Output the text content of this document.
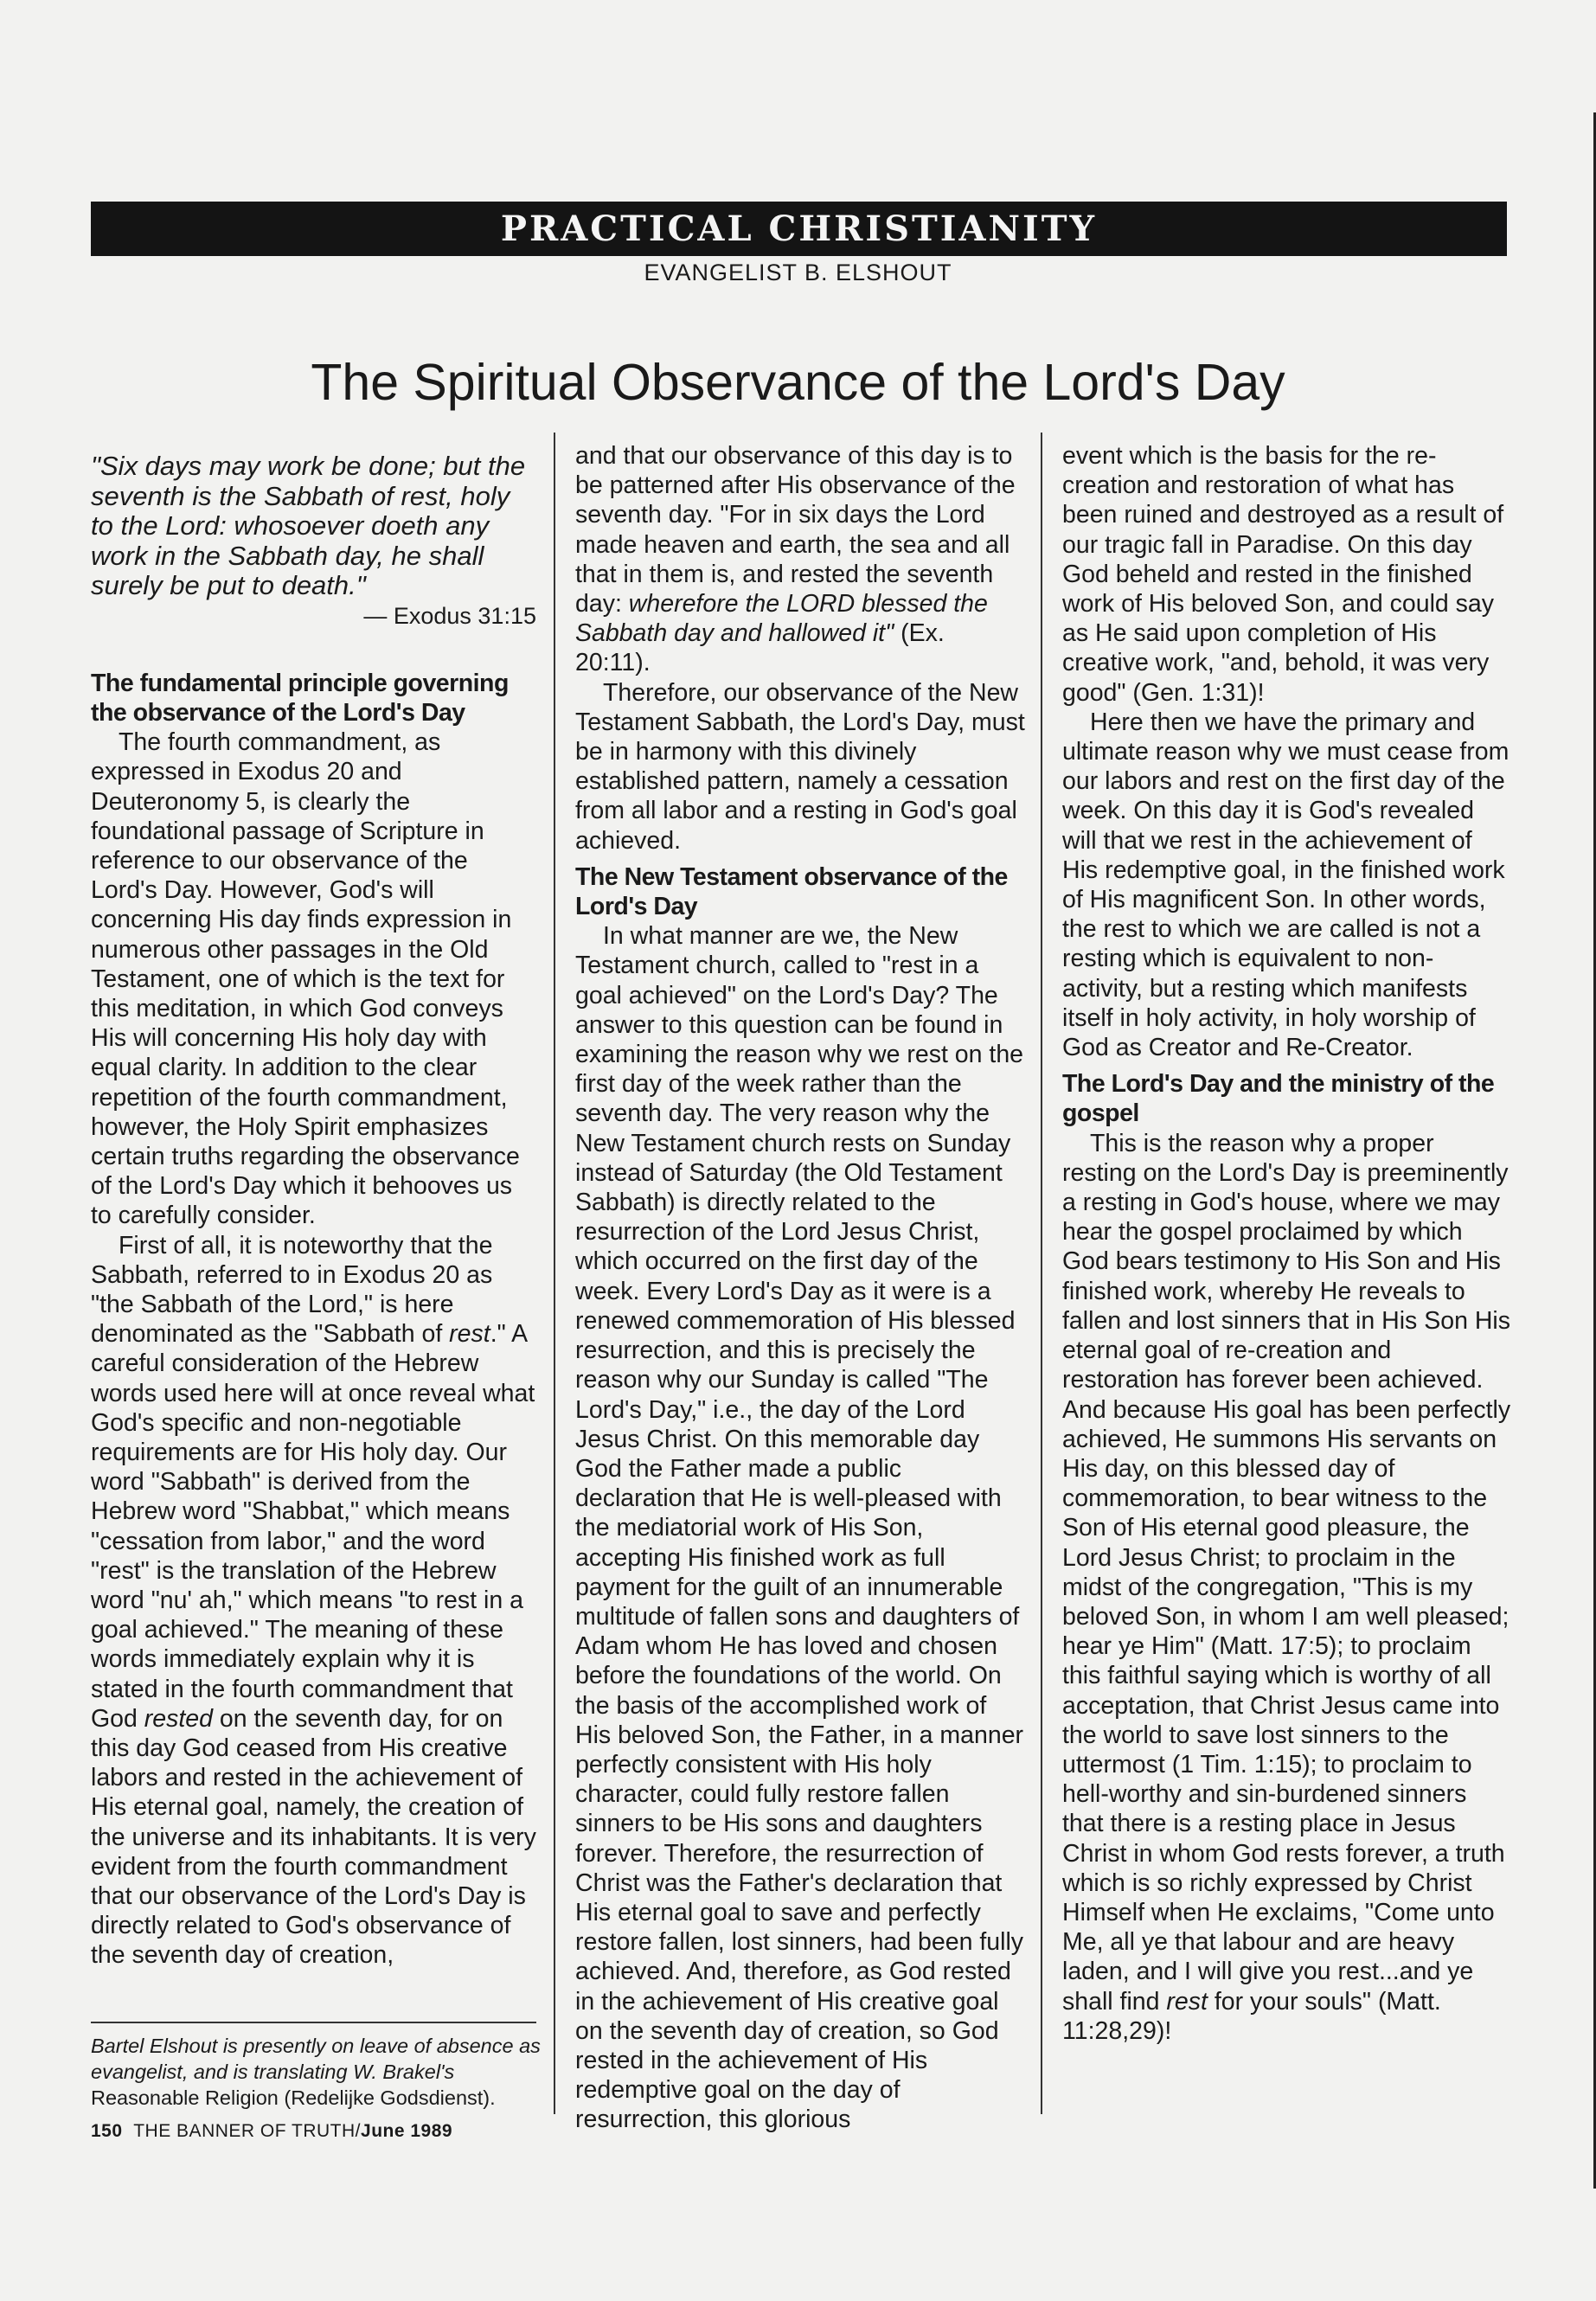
PRACTICAL CHRISTIANITY
EVANGELIST B. ELSHOUT
The Spiritual Observance of the Lord's Day

"Six days may work be done; but the seventh is the Sabbath of rest, holy to the Lord: whosoever doeth any work in the Sabbath day, he shall surely be put to death."

— Exodus 31:15

The fundamental principle governing the observance of the Lord's Day

The fourth commandment, as expressed in Exodus 20 and Deuteronomy 5, is clearly the foundational passage of Scripture in reference to our observance of the Lord's Day. However, God's will concerning His day finds expression in numerous other passages in the Old Testament, one of which is the text for this meditation, in which God conveys His will concerning His holy day with equal clarity. In addition to the clear repetition of the fourth commandment, however, the Holy Spirit emphasizes certain truths regarding the observance of the Lord's Day which it behooves us to carefully consider.

First of all, it is noteworthy that the Sabbath, referred to in Exodus 20 as "the Sabbath of the Lord," is here denominated as the "Sabbath of rest." A careful consideration of the Hebrew words used here will at once reveal what God's specific and non-negotiable requirements are for His holy day. Our word "Sabbath" is derived from the Hebrew word "Shabbat," which means "cessation from labor," and the word "rest" is the translation of the Hebrew word "nu' ah," which means "to rest in a goal achieved." The meaning of these words immediately explain why it is stated in the fourth commandment that God rested on the seventh day, for on this day God ceased from His creative labors and rested in the achievement of His eternal goal, namely, the creation of the universe and its inhabitants. It is very evident from the fourth commandment that our observance of the Lord's Day is directly related to God's observance of the seventh day of creation,

Bartel Elshout is presently on leave of absence as evangelist, and is translating W. Brakel's Reasonable Religion (Redelijke Godsdienst).
150 THE BANNER OF TRUTH/June 1989

and that our observance of this day is to be patterned after His observance of the seventh day. "For in six days the Lord made heaven and earth, the sea and all that in them is, and rested the seventh day: wherefore the LORD blessed the Sabbath day and hallowed it" (Ex. 20:11).

Therefore, our observance of the New Testament Sabbath, the Lord's Day, must be in harmony with this divinely established pattern, namely a cessation from all labor and a resting in God's goal achieved.

The New Testament observance of the Lord's Day

In what manner are we, the New Testament church, called to "rest in a goal achieved" on the Lord's Day? The answer to this question can be found in examining the reason why we rest on the first day of the week rather than the seventh day. The very reason why the New Testament church rests on Sunday instead of Saturday (the Old Testament Sabbath) is directly related to the resurrection of the Lord Jesus Christ, which occurred on the first day of the week. Every Lord's Day as it were is a renewed commemoration of His blessed resurrection, and this is precisely the reason why our Sunday is called "The Lord's Day," i.e., the day of the Lord Jesus Christ. On this memorable day God the Father made a public declaration that He is well-pleased with the mediatorial work of His Son, accepting His finished work as full payment for the guilt of an innumerable multitude of fallen sons and daughters of Adam whom He has loved and chosen before the foundations of the world. On the basis of the accomplished work of His beloved Son, the Father, in a manner perfectly consistent with His holy character, could fully restore fallen sinners to be His sons and daughters forever. Therefore, the resurrection of Christ was the Father's declaration that His eternal goal to save and perfectly restore fallen, lost sinners, had been fully achieved. And, therefore, as God rested in the achievement of His creative goal on the seventh day of creation, so God rested in the achievement of His redemptive goal on the day of resurrection, this glorious

event which is the basis for the re-creation and restoration of what has been ruined and destroyed as a result of our tragic fall in Paradise. On this day God beheld and rested in the finished work of His beloved Son, and could say as He said upon completion of His creative work, "and, behold, it was very good" (Gen. 1:31)!

Here then we have the primary and ultimate reason why we must cease from our labors and rest on the first day of the week. On this day it is God's revealed will that we rest in the achievement of His redemptive goal, in the finished work of His magnificent Son. In other words, the rest to which we are called is not a resting which is equivalent to non-activity, but a resting which manifests itself in holy activity, in holy worship of God as Creator and Re-Creator.

The Lord's Day and the ministry of the gospel

This is the reason why a proper resting on the Lord's Day is preeminently a resting in God's house, where we may hear the gospel proclaimed by which God bears testimony to His Son and His finished work, whereby He reveals to fallen and lost sinners that in His Son His eternal goal of re-creation and restoration has forever been achieved. And because His goal has been perfectly achieved, He summons His servants on His day, on this blessed day of commemoration, to bear witness to the Son of His eternal good pleasure, the Lord Jesus Christ; to proclaim in the midst of the congregation, "This is my beloved Son, in whom I am well pleased; hear ye Him" (Matt. 17:5); to proclaim this faithful saying which is worthy of all acceptation, that Christ Jesus came into the world to save lost sinners to the uttermost (1 Tim. 1:15); to proclaim to hell-worthy and sin-burdened sinners that there is a resting place in Jesus Christ in whom God rests forever, a truth which is so richly expressed by Christ Himself when He exclaims, "Come unto Me, all ye that labour and are heavy laden, and I will give you rest...and ye shall find rest for your souls" (Matt. 11:28,29)!
